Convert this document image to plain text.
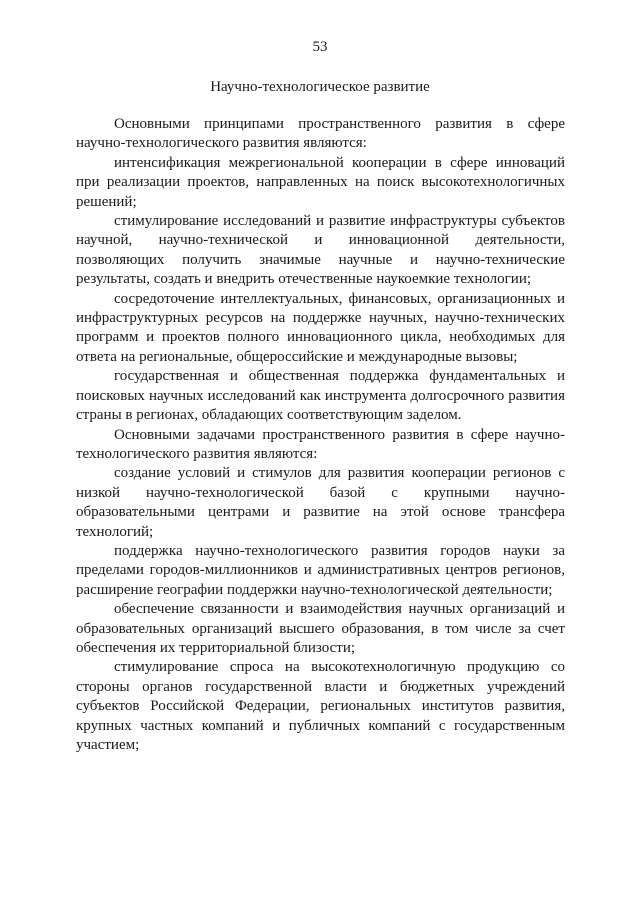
53
Научно-технологическое развитие

Основными принципами пространственного развития в сфере научно-технологического развития являются:

интенсификация межрегиональной кооперации в сфере инноваций при реализации проектов, направленных на поиск высокотехнологичных решений;

стимулирование исследований и развитие инфраструктуры субъектов научной, научно-технической и инновационной деятельности, позволяющих получить значимые научные и научно-технические результаты, создать и внедрить отечественные наукоемкие технологии;

сосредоточение интеллектуальных, финансовых, организационных и инфраструктурных ресурсов на поддержке научных, научно-технических программ и проектов полного инновационного цикла, необходимых для ответа на региональные, общероссийские и международные вызовы;

государственная и общественная поддержка фундаментальных и поисковых научных исследований как инструмента долгосрочного развития страны в регионах, обладающих соответствующим заделом.

Основными задачами пространственного развития в сфере научно-технологического развития являются:

создание условий и стимулов для развития кооперации регионов с низкой научно-технологической базой с крупными научно-образовательными центрами и развитие на этой основе трансфера технологий;

поддержка научно-технологического развития городов науки за пределами городов-миллионников и административных центров регионов, расширение географии поддержки научно-технологической деятельности;

обеспечение связанности и взаимодействия научных организаций и образовательных организаций высшего образования, в том числе за счет обеспечения их территориальной близости;

стимулирование спроса на высокотехнологичную продукцию со стороны органов государственной власти и бюджетных учреждений субъектов Российской Федерации, региональных институтов развития, крупных частных компаний и публичных компаний с государственным участием;
